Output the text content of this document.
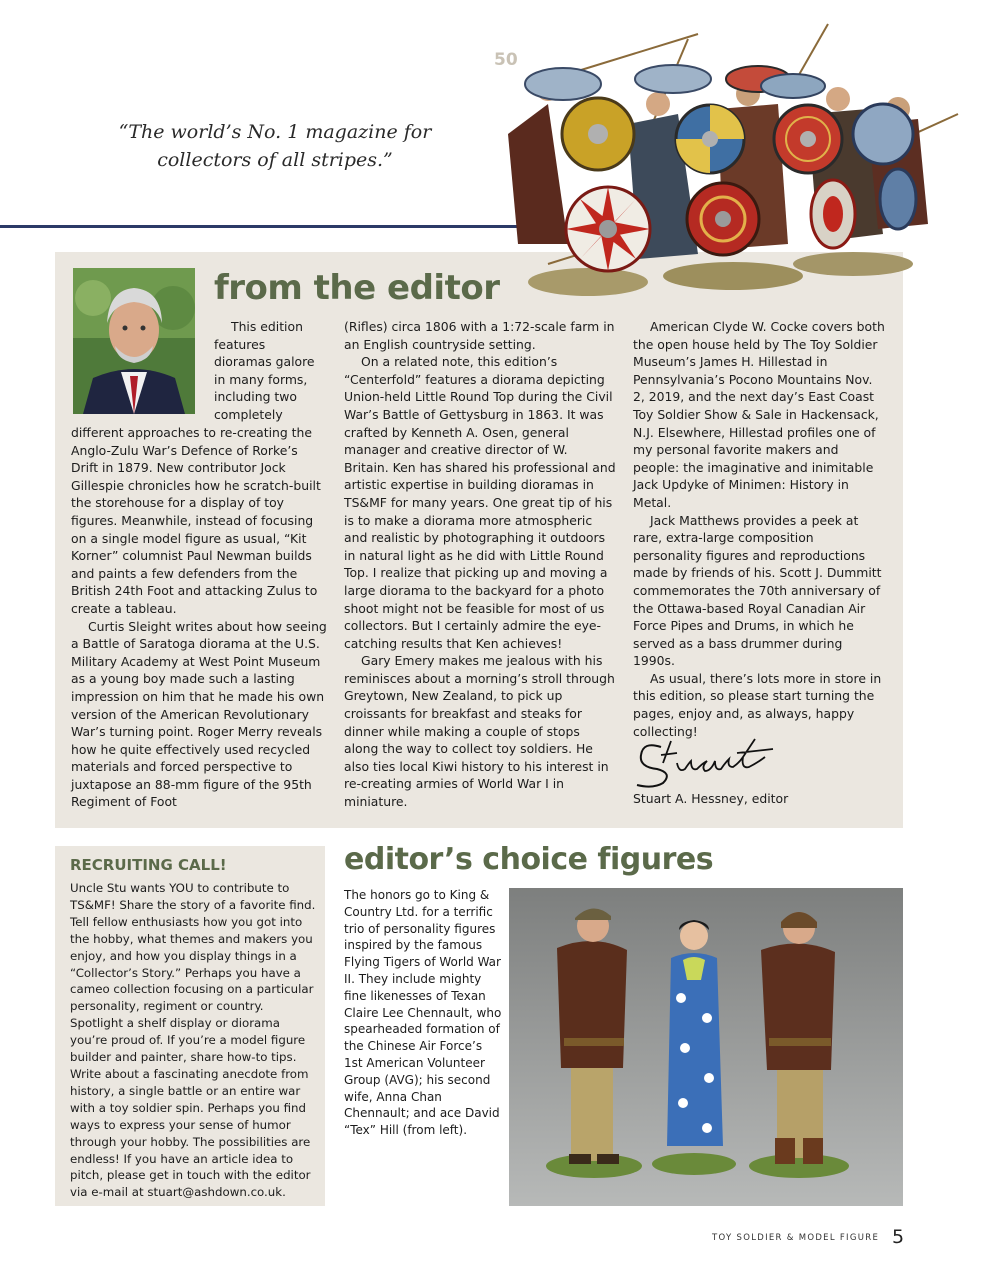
50
“The world’s No. 1 magazine for collectors of all stripes.”
from the editor

This edition features dioramas galore in many forms, including two completely

different approaches to re-creating the Anglo-Zulu War’s Defence of Rorke’s Drift in 1879. New contributor Jock Gillespie chronicles how he scratch-built the storehouse for a display of toy figures. Meanwhile, instead of focusing on a single model figure as usual, “Kit Korner” columnist Paul Newman builds and paints a few defenders from the British 24th Foot and attacking Zulus to create a tableau.

Curtis Sleight writes about how seeing a Battle of Saratoga diorama at the U.S. Military Academy at West Point Museum as a young boy made such a lasting impression on him that he made his own version of the American Revolutionary War’s turning point. Roger Merry reveals how he quite effectively used recycled materials and forced perspective to juxtapose an 88-mm figure of the 95th Regiment of Foot

(Rifles) circa 1806 with a 1:72-scale farm in an English countryside setting.

On a related note, this edition’s “Centerfold” features a diorama depicting Union-held Little Round Top during the Civil War’s Battle of Gettysburg in 1863. It was crafted by Kenneth A. Osen, general manager and creative director of W. Britain. Ken has shared his professional and artistic expertise in building dioramas in TS&MF for many years. One great tip of his is to make a diorama more atmospheric and realistic by photographing it outdoors in natural light as he did with Little Round Top. I realize that picking up and moving a large diorama to the backyard for a photo shoot might not be feasible for most of us collectors. But I certainly admire the eye-catching results that Ken achieves!

Gary Emery makes me jealous with his reminisces about a morning’s stroll through Greytown, New Zealand, to pick up croissants for breakfast and steaks for dinner while making a couple of stops along the way to collect toy soldiers. He also ties local Kiwi history to his interest in re-creating armies of World War I in miniature.

American Clyde W. Cocke covers both the open house held by The Toy Soldier Museum’s James H. Hillestad in Pennsylvania’s Pocono Mountains Nov. 2, 2019, and the next day’s East Coast Toy Soldier Show & Sale in Hackensack, N.J. Elsewhere, Hillestad profiles one of my personal favorite makers and people: the imaginative and inimitable Jack Updyke of Minimen: History in Metal.

Jack Matthews provides a peek at rare, extra-large composition personality figures and reproductions made by friends of his. Scott J. Dummitt commemorates the 70th anniversary of the Ottawa-based Royal Canadian Air Force Pipes and Drums, in which he served as a bass drummer during 1990s.

As usual, there’s lots more in store in this edition, so please start turning the pages, enjoy and, as always, happy collecting!

Stuart
Stuart A. Hessney, editor
RECRUITING CALL!
Uncle Stu wants YOU to contribute to TS&MF! Share the story of a favorite find. Tell fellow enthusiasts how you got into the hobby, what themes and makers you enjoy, and how you display things in a “Collector’s Story.” Perhaps you have a cameo collection focusing on a particular personality, regiment or country. Spotlight a shelf display or diorama you’re proud of. If you’re a model figure builder and painter, share how-to tips. Write about a fascinating anecdote from history, a single battle or an entire war with a toy soldier spin. Perhaps you find ways to express your sense of humor through your hobby. The possibilities are endless! If you have an article idea to pitch, please get in touch with the editor via e-mail at stuart@ashdown.co.uk.
editor’s choice figures
The honors go to King & Country Ltd. for a terrific trio of personality figures inspired by the famous Flying Tigers of World War II. They include mighty fine likenesses of Texan Claire Lee Chennault, who spearheaded formation of the Chinese Air Force’s 1st American Volunteer Group (AVG); his second wife, Anna Chan Chennault; and ace David “Tex” Hill (from left).
TOY SOLDIER & MODEL FIGURE 5
